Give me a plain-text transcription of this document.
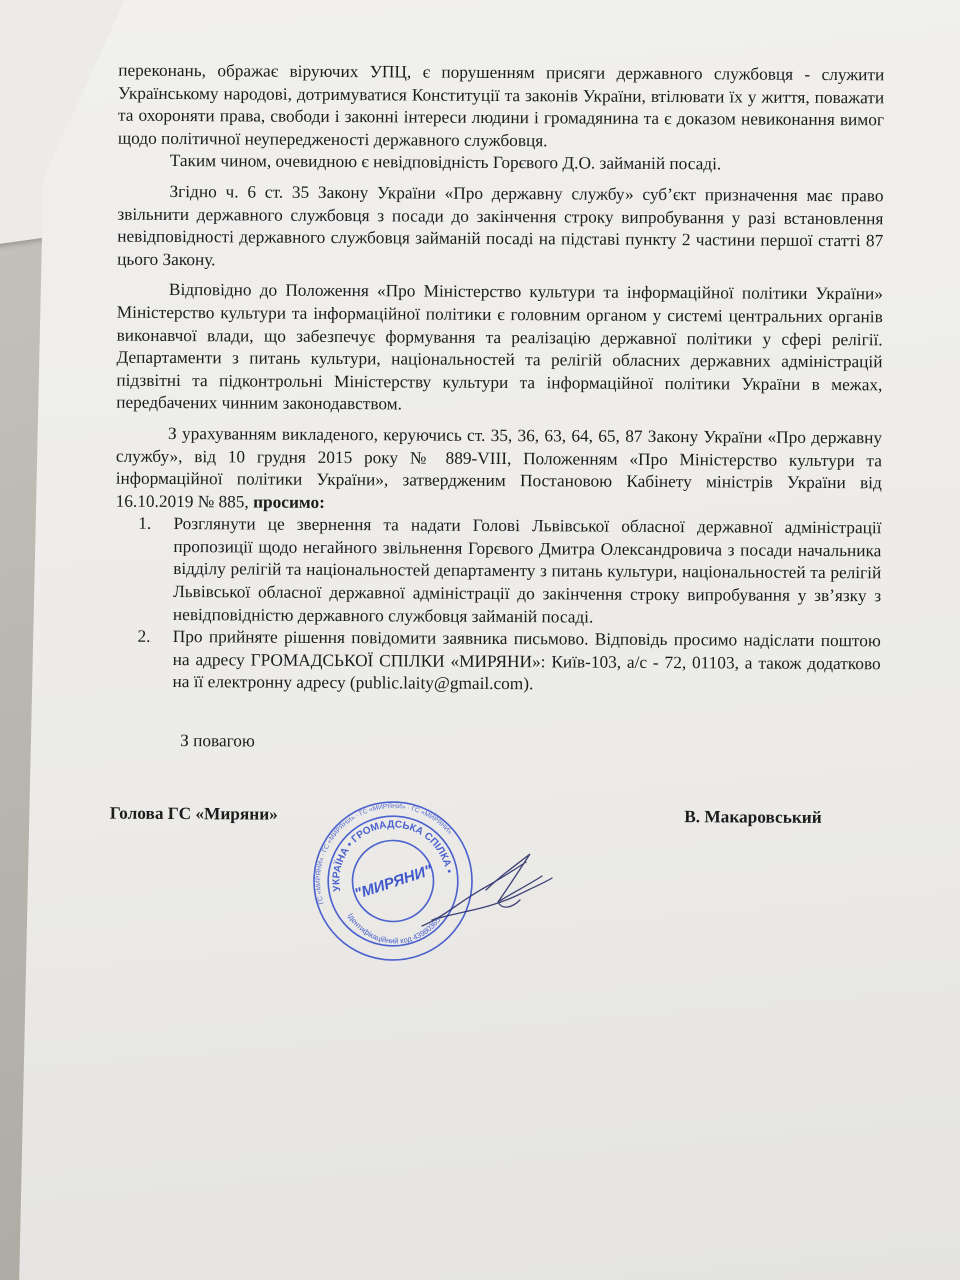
переконань, ображає віруючих УПЦ, є порушенням присяги державного службовця - служити Українському народові, дотримуватися Конституції та законів України, втілювати їх у життя, поважати та охороняти права, свободи і законні інтереси людини і громадянина та є доказом невиконання вимог щодо політичної неупередженості державного службовця.

Таким чином, очевидною є невідповідність Горєвого Д.О. займаній посаді.

Згідно ч. 6 ст. 35 Закону України «Про державну службу» суб’єкт призначення має право звільнити державного службовця з посади до закінчення строку випробування у разі встановлення невідповідності державного службовця займаній посаді на підставі пункту 2 частини першої статті 87 цього Закону.

Відповідно до Положення «Про Міністерство культури та інформаційної політики України» Міністерство культури та інформаційної політики є головним органом у системі центральних органів виконавчої влади, що забезпечує формування та реалізацію державної політики у сфері релігії. Департаменти з питань культури, національностей та релігій обласних державних адміністрацій підзвітні та підконтрольні Міністерству культури та інформаційної політики України в межах, передбачених чинним законодавством.

З урахуванням викладеного, керуючись ст. 35, 36, 63, 64, 65, 87 Закону України «Про державну службу», від 10 грудня 2015 року № 889-VIII, Положенням «Про Міністерство культури та інформаційної політики України», затвердженим Постановою Кабінету міністрів України від 16.10.2019 № 885, просимо:

1. Розглянути це звернення та надати Голові Львівської обласної державної адміністрації пропозиції щодо негайного звільнення Горєвого Дмитра Олександровича з посади начальника відділу релігій та національностей департаменту з питань культури, національностей та релігій Львівської обласної державної адміністрації до закінчення строку випробування у зв’язку з невідповідністю державного службовця займаній посаді.
2. Про прийняте рішення повідомити заявника письмово. Відповідь просимо надіслати поштою на адресу ГРОМАДСЬКОЇ СПІЛКИ «МИРЯНИ»: Київ-103, а/с - 72, 01103, а також додатково на її електронну адресу (public.laity@gmail.com).

З повагою

Голова ГС «Миряни»	В. Макаровський
ГС «МИРЯНИ» · ГС «МИРЯНИ» · ГС «МИРЯНИ» · ГС «МИРЯНИ» ·
УКРАЇНА • ГРОМАДСЬКА СПІЛКА •
Ідентифікаційний код 43980365
"МИРЯНИ"
